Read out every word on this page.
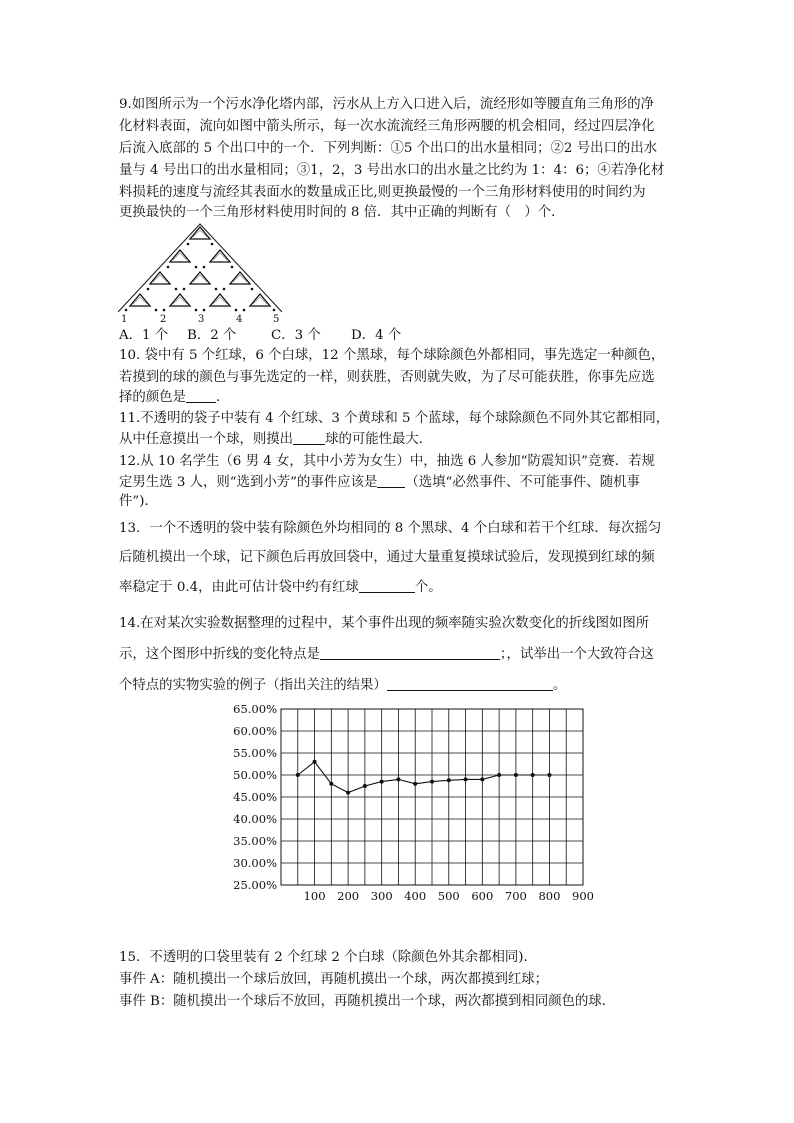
9.如图所示为一个污水净化塔内部，污水从上方入口进入后，流经形如等腰直角三角形的净
化材料表面，流向如图中箭头所示，每一次水流流经三角形两腰的机会相同，经过四层净化
后流入底部的 5 个出口中的一个．下列判断：①5 个出口的出水量相同；②2 号出口的出水
量与 4 号出口的出水量相同；③1，2，3 号出水口的出水量之比约为 1：4：6；④若净化材
料损耗的速度与流经其表面水的数量成正比,则更换最慢的一个三角形材料使用的时间约为
更换最快的一个三角形材料使用时间的 8 倍．其中正确的判断有（　）个．
1	2	3	4	5
A．1 个 B．2 个	C．3 个 D．4 个
10. 袋中有 5 个红球，6 个白球，12 个黑球，每个球除颜色外都相同，事先选定一种颜色，
若摸到的球的颜色与事先选定的一样，则获胜，否则就失败，为了尽可能获胜，你事先应选
择的颜色是 ．
11.不透明的袋子中装有 4 个红球、3 个黄球和 5 个蓝球，每个球除颜色不同外其它都相同，
从中任意摸出一个球，则摸出 球的可能性最大．
12.从 10 名学生（6 男 4 女，其中小芳为女生）中，抽选 6 人参加“防震知识”竞赛．若规
定男生选 3 人，则“选到小芳”的事件应该是 （选填“必然事件、不可能事件、随机事
件”)．
13．一个不透明的袋中装有除颜色外均相同的 8 个黑球、4 个白球和若干个红球．每次摇匀
后随机摸出一个球，记下颜色后再放回袋中，通过大量重复摸球试验后，发现摸到红球的频
率稳定于 0.4，由此可估计袋中约有红球	个。
14.在对某次实验数据整理的过程中，某个事件出现的频率随实验次数变化的折线图如图所
示，这个图形中折线的变化特点是	；，试举出一个大致符合这
个特点的实物实验的例子（指出关注的结果）	。
65.00%
60.00%
55.00%
50.00%
45.00%
40.00%
35.00%
30.00%
25.00%
100 200 300 400 500 600 700 800 900
15．不透明的口袋里装有 2 个红球 2 个白球（除颜色外其余都相同)．
事件 A：随机摸出一个球后放回，再随机摸出一个球，两次都摸到红球；
事件 B：随机摸出一个球后不放回，再随机摸出一个球，两次都摸到相同颜色的球．
